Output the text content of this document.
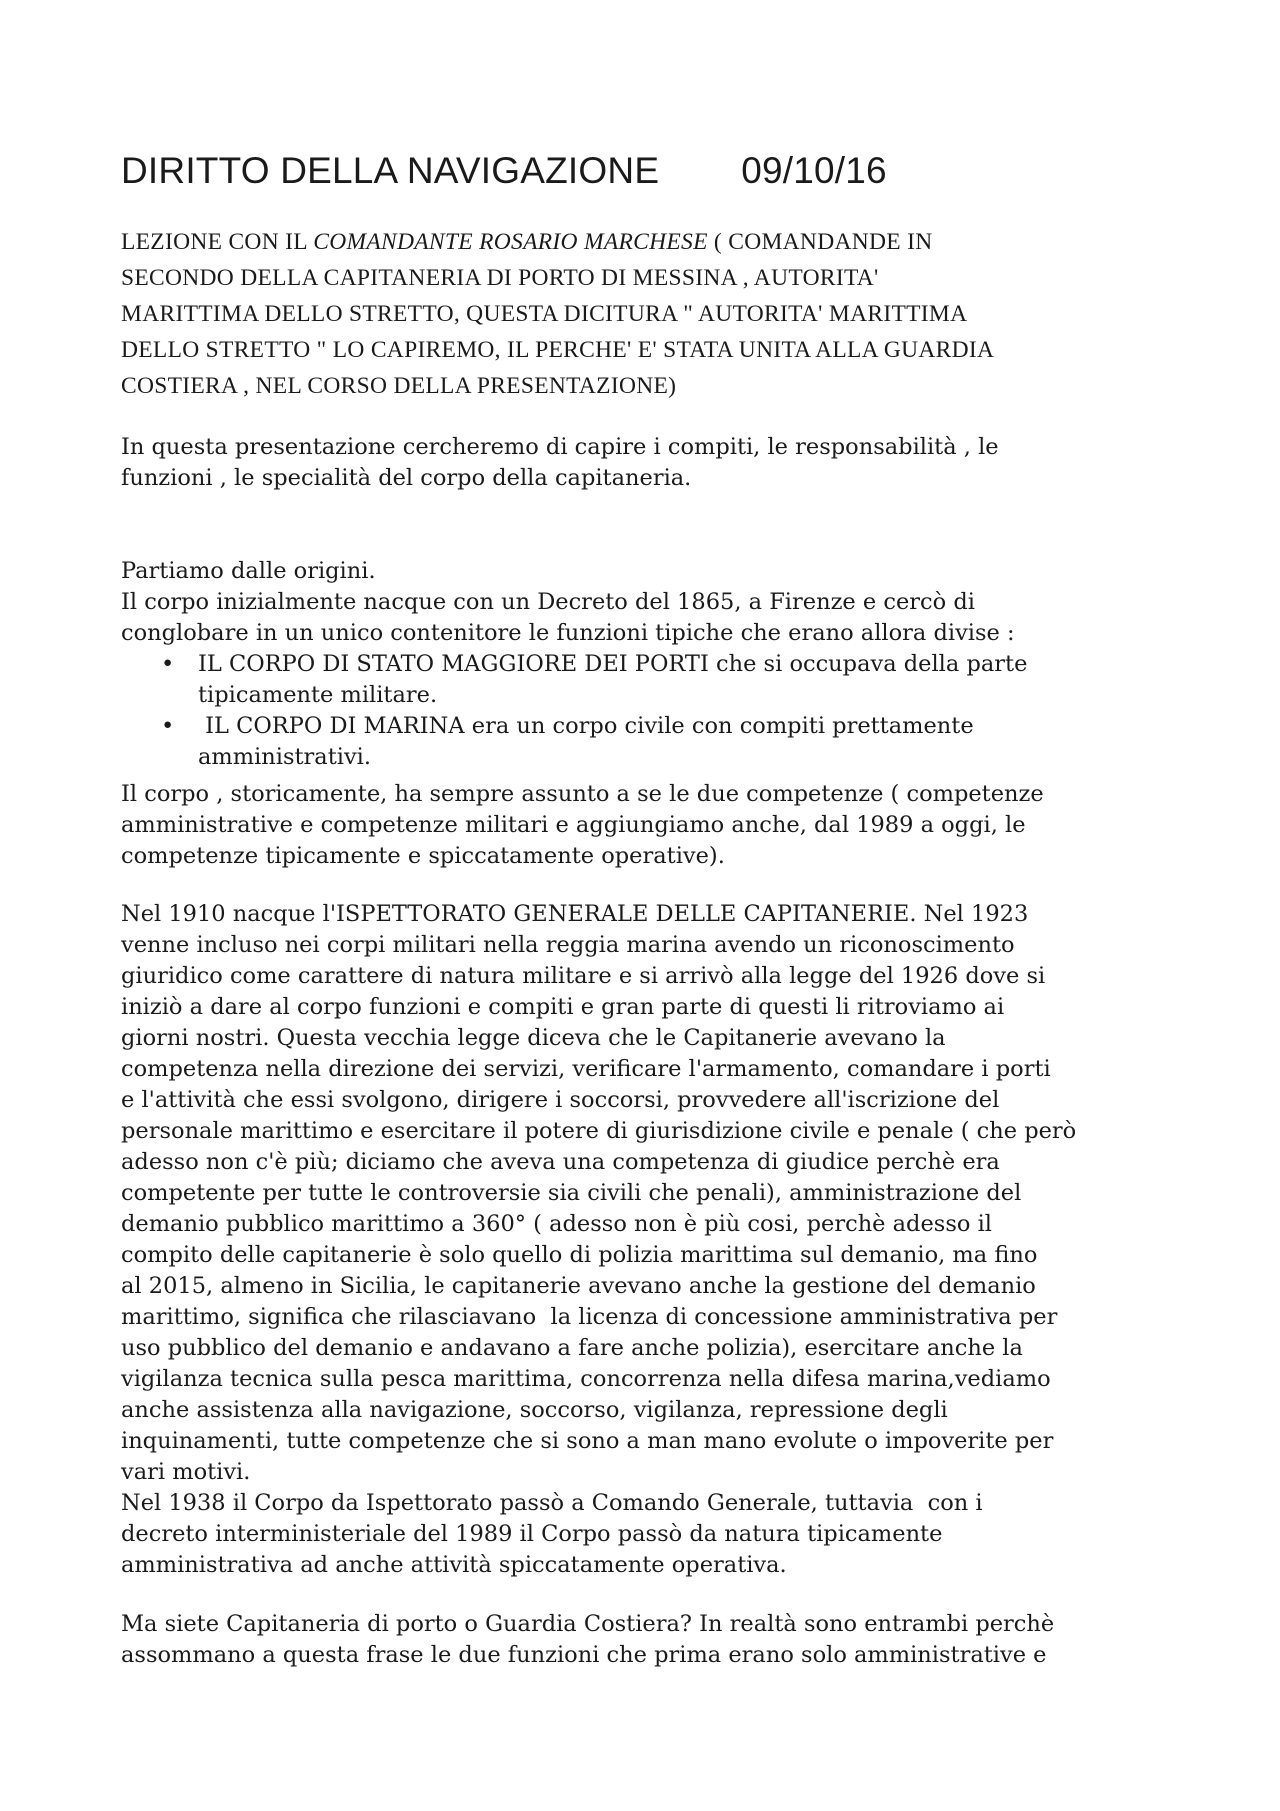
DIRITTO DELLA NAVIGAZIONE 09/10/16
LEZIONE CON IL COMANDANTE ROSARIO MARCHESE ( COMANDANDE IN
SECONDO DELLA CAPITANERIA DI PORTO DI MESSINA , AUTORITA'
MARITTIMA DELLO STRETTO, QUESTA DICITURA " AUTORITA' MARITTIMA
DELLO STRETTO " LO CAPIREMO, IL PERCHE' E' STATA UNITA ALLA GUARDIA
COSTIERA , NEL CORSO DELLA PRESENTAZIONE)
In questa presentazione cercheremo di capire i compiti, le responsabilità , le
funzioni , le specialità del corpo della capitaneria.
Partiamo dalle origini.
Il corpo inizialmente nacque con un Decreto del 1865, a Firenze e cercò di
conglobare in un unico contenitore le funzioni tipiche che erano allora divise :
• IL CORPO DI STATO MAGGIORE DEI PORTI che si occupava della parte
tipicamente militare.
• IL CORPO DI MARINA era un corpo civile con compiti prettamente
amministrativi.
Il corpo , storicamente, ha sempre assunto a se le due competenze ( competenze
amministrative e competenze militari e aggiungiamo anche, dal 1989 a oggi, le
competenze tipicamente e spiccatamente operative).
Nel 1910 nacque l'ISPETTORATO GENERALE DELLE CAPITANERIE. Nel 1923
venne incluso nei corpi militari nella reggia marina avendo un riconoscimento
giuridico come carattere di natura militare e si arrivò alla legge del 1926 dove si
iniziò a dare al corpo funzioni e compiti e gran parte di questi li ritroviamo ai
giorni nostri. Questa vecchia legge diceva che le Capitanerie avevano la
competenza nella direzione dei servizi, verificare l'armamento, comandare i porti
e l'attività che essi svolgono, dirigere i soccorsi, provvedere all'iscrizione del
personale marittimo e esercitare il potere di giurisdizione civile e penale ( che però
adesso non c'è più; diciamo che aveva una competenza di giudice perchè era
competente per tutte le controversie sia civili che penali), amministrazione del
demanio pubblico marittimo a 360° ( adesso non è più cosi, perchè adesso il
compito delle capitanerie è solo quello di polizia marittima sul demanio, ma fino
al 2015, almeno in Sicilia, le capitanerie avevano anche la gestione del demanio
marittimo, significa che rilasciavano  la licenza di concessione amministrativa per
uso pubblico del demanio e andavano a fare anche polizia), esercitare anche la
vigilanza tecnica sulla pesca marittima, concorrenza nella difesa marina,vediamo
anche assistenza alla navigazione, soccorso, vigilanza, repressione degli
inquinamenti, tutte competenze che si sono a man mano evolute o impoverite per
vari motivi.
Nel 1938 il Corpo da Ispettorato passò a Comando Generale, tuttavia  con i
decreto interministeriale del 1989 il Corpo passò da natura tipicamente
amministrativa ad anche attività spiccatamente operativa.
Ma siete Capitaneria di porto o Guardia Costiera? In realtà sono entrambi perchè
assommano a questa frase le due funzioni che prima erano solo amministrative e
